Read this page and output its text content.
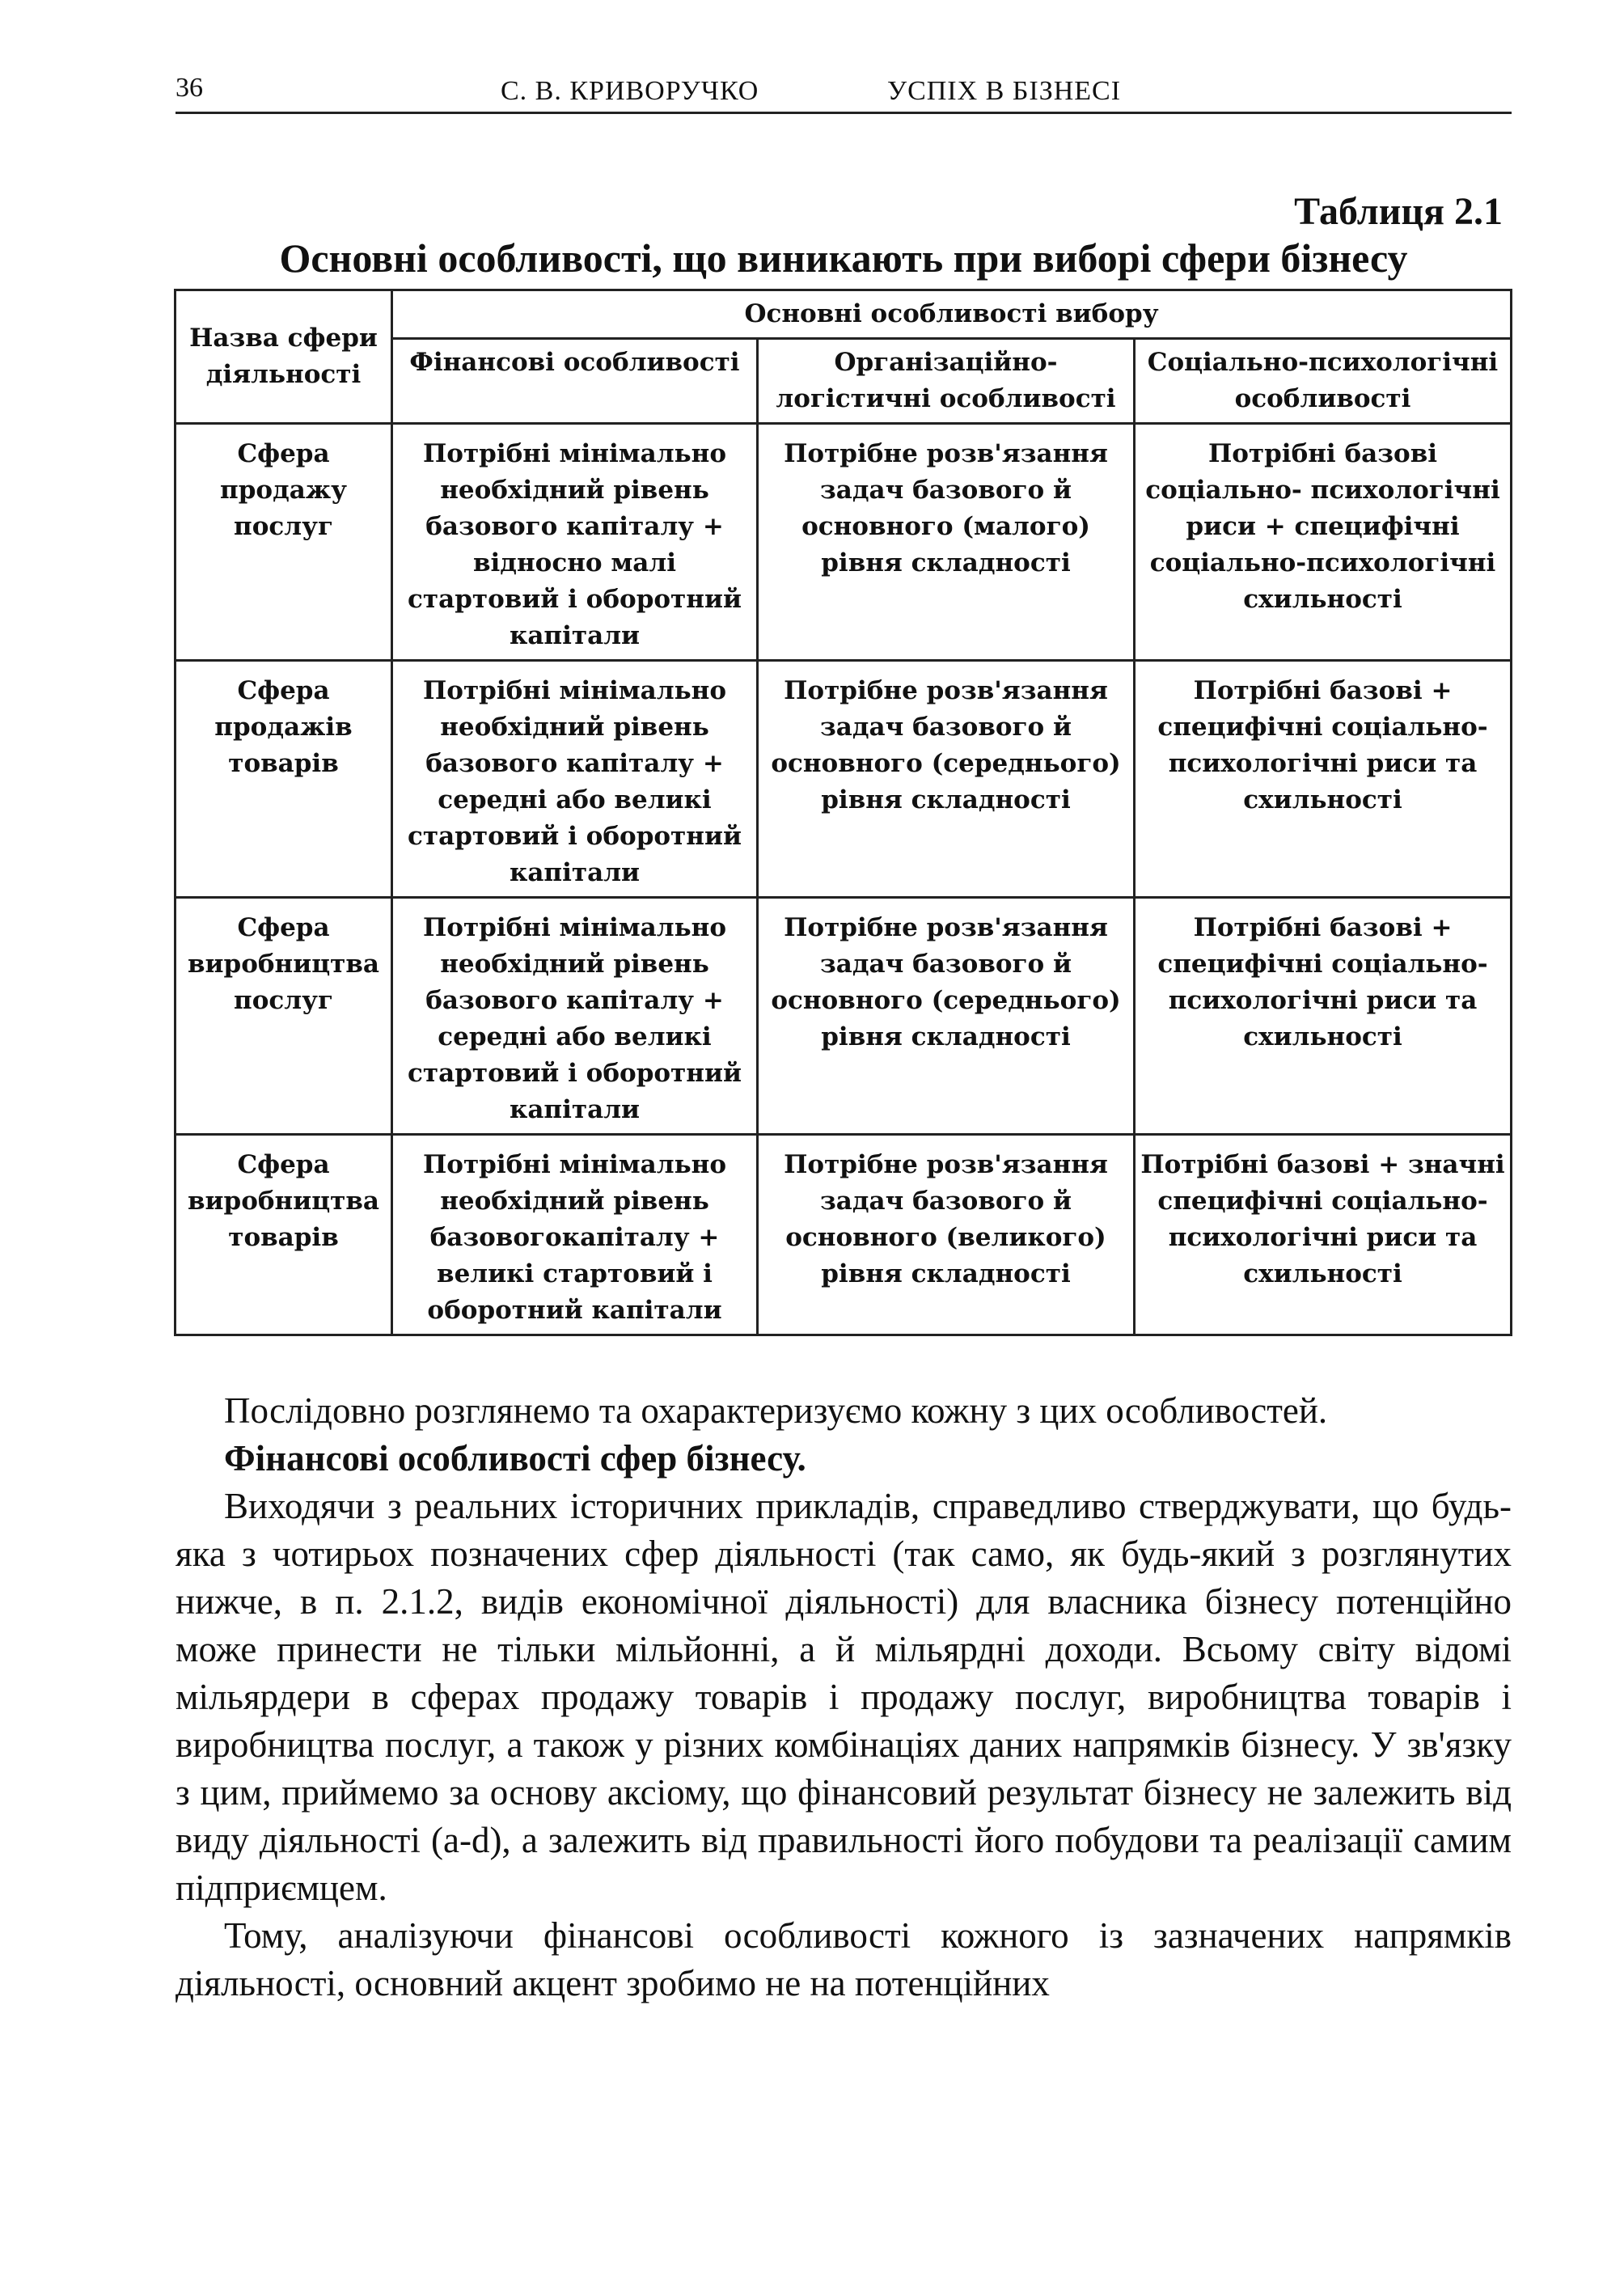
36	С. В. КРИВОРУЧКО	УСПІХ В БІЗНЕСІ
Таблиця 2.1
Основні особливості, що виникають при виборі сфери бізнесу
Назва сфери діяльності	Основні особливості вибору		
	Фінансові особливості	Організаційно-логістичні особливості	Соціально-психологічні особливості
Сфера продажу послуг	Потрібні мінімально необхідний рівень базового капіталу + відносно малі стартовий і оборотний капітали	Потрібне розв'язання задач базового й основного (малого) рівня складності	Потрібні базові соціально- психологічні риси + специфічні соціально-психологічні схильності
Сфера продажів товарів	Потрібні мінімально необхідний рівень базового капіталу + середні або великі стартовий і оборотний капітали	Потрібне розв'язання задач базового й основного (середнього) рівня складності	Потрібні базові + специфічні соціально-психологічні риси та схильності
Сфера виробництва послуг	Потрібні мінімально необхідний рівень базового капіталу + середні або великі стартовий і оборотний капітали	Потрібне розв'язання задач базового й основного (середнього) рівня складності	Потрібні базові + специфічні соціально-психологічні риси та схильності
Сфера виробництва товарів	Потрібні мінімально необхідний рівень базовогокапіталу + великі стартовий і оборотний капітали	Потрібне розв'язання задач базового й основного (великого) рівня складності	Потрібні базові + значні специфічні соціально-психологічні риси та схильності

Послідовно розглянемо та охарактеризуємо кожну з цих особливостей.

Фінансові особливості сфер бізнесу.

Виходячи з реальних історичних прикладів, справедливо стверджувати, що будь-яка з чотирьох позначених сфер діяльності (так само, як будь-який з розглянутих нижче, в п. 2.1.2, видів економічної діяльності) для власника бізнесу потенційно може принести не тільки мільйонні, а й мільярдні доходи. Всьому світу відомі мільярдери в сферах продажу товарів і продажу послуг, виробництва товарів і виробництва послуг, а також у різних комбінаціях даних напрямків бізнесу. У зв'язку з цим, приймемо за основу аксіому, що фінансовий результат бізнесу не залежить від виду діяльності (a-d), а залежить від правильності його побудови та реалізації самим підприємцем.

Тому, аналізуючи фінансові особливості кожного із зазначених напрямків діяльності, основний акцент зробимо не на потенційних
